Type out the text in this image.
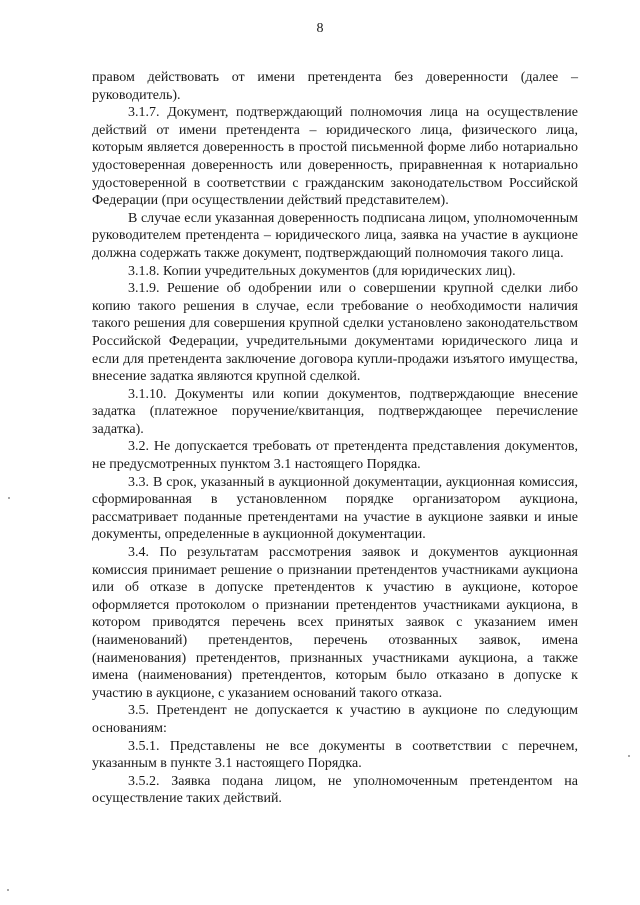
8

правом действовать от имени претендента без доверенности (далее – руководитель).

3.1.7. Документ, подтверждающий полномочия лица на осуществление действий от имени претендента – юридического лица, физического лица, которым является доверенность в простой письменной форме либо нотариально удостоверенная доверенность или доверенность, приравненная к нотариально удостоверенной в соответствии с гражданским законодательством Российской Федерации (при осуществлении действий представителем).

В случае если указанная доверенность подписана лицом, уполномоченным руководителем претендента – юридического лица, заявка на участие в аукционе должна содержать также документ, подтверждающий полномочия такого лица.

3.1.8. Копии учредительных документов (для юридических лиц).

3.1.9. Решение об одобрении или о совершении крупной сделки либо копию такого решения в случае, если требование о необходимости наличия такого решения для совершения крупной сделки установлено законодательством Российской Федерации, учредительными документами юридического лица и если для претендента заключение договора купли-продажи изъятого имущества, внесение задатка являются крупной сделкой.

3.1.10. Документы или копии документов, подтверждающие внесение задатка (платежное поручение/квитанция, подтверждающее перечисление задатка).

3.2. Не допускается требовать от претендента представления документов, не предусмотренных пунктом 3.1 настоящего Порядка.

3.3. В срок, указанный в аукционной документации, аукционная комиссия, сформированная в установленном порядке организатором аукциона, рассматривает поданные претендентами на участие в аукционе заявки и иные документы, определенные в аукционной документации.

3.4. По результатам рассмотрения заявок и документов аукционная комиссия принимает решение о признании претендентов участниками аукциона или об отказе в допуске претендентов к участию в аукционе, которое оформляется протоколом о признании претендентов участниками аукциона, в котором приводятся перечень всех принятых заявок с указанием имен (наименований) претендентов, перечень отозванных заявок, имена (наименования) претендентов, признанных участниками аукциона, а также имена (наименования) претендентов, которым было отказано в допуске к участию в аукционе, с указанием оснований такого отказа.

3.5. Претендент не допускается к участию в аукционе по следующим основаниям:

3.5.1. Представлены не все документы в соответствии с перечнем, указанным в пункте 3.1 настоящего Порядка.

3.5.2. Заявка подана лицом, не уполномоченным претендентом на осуществление таких действий.
